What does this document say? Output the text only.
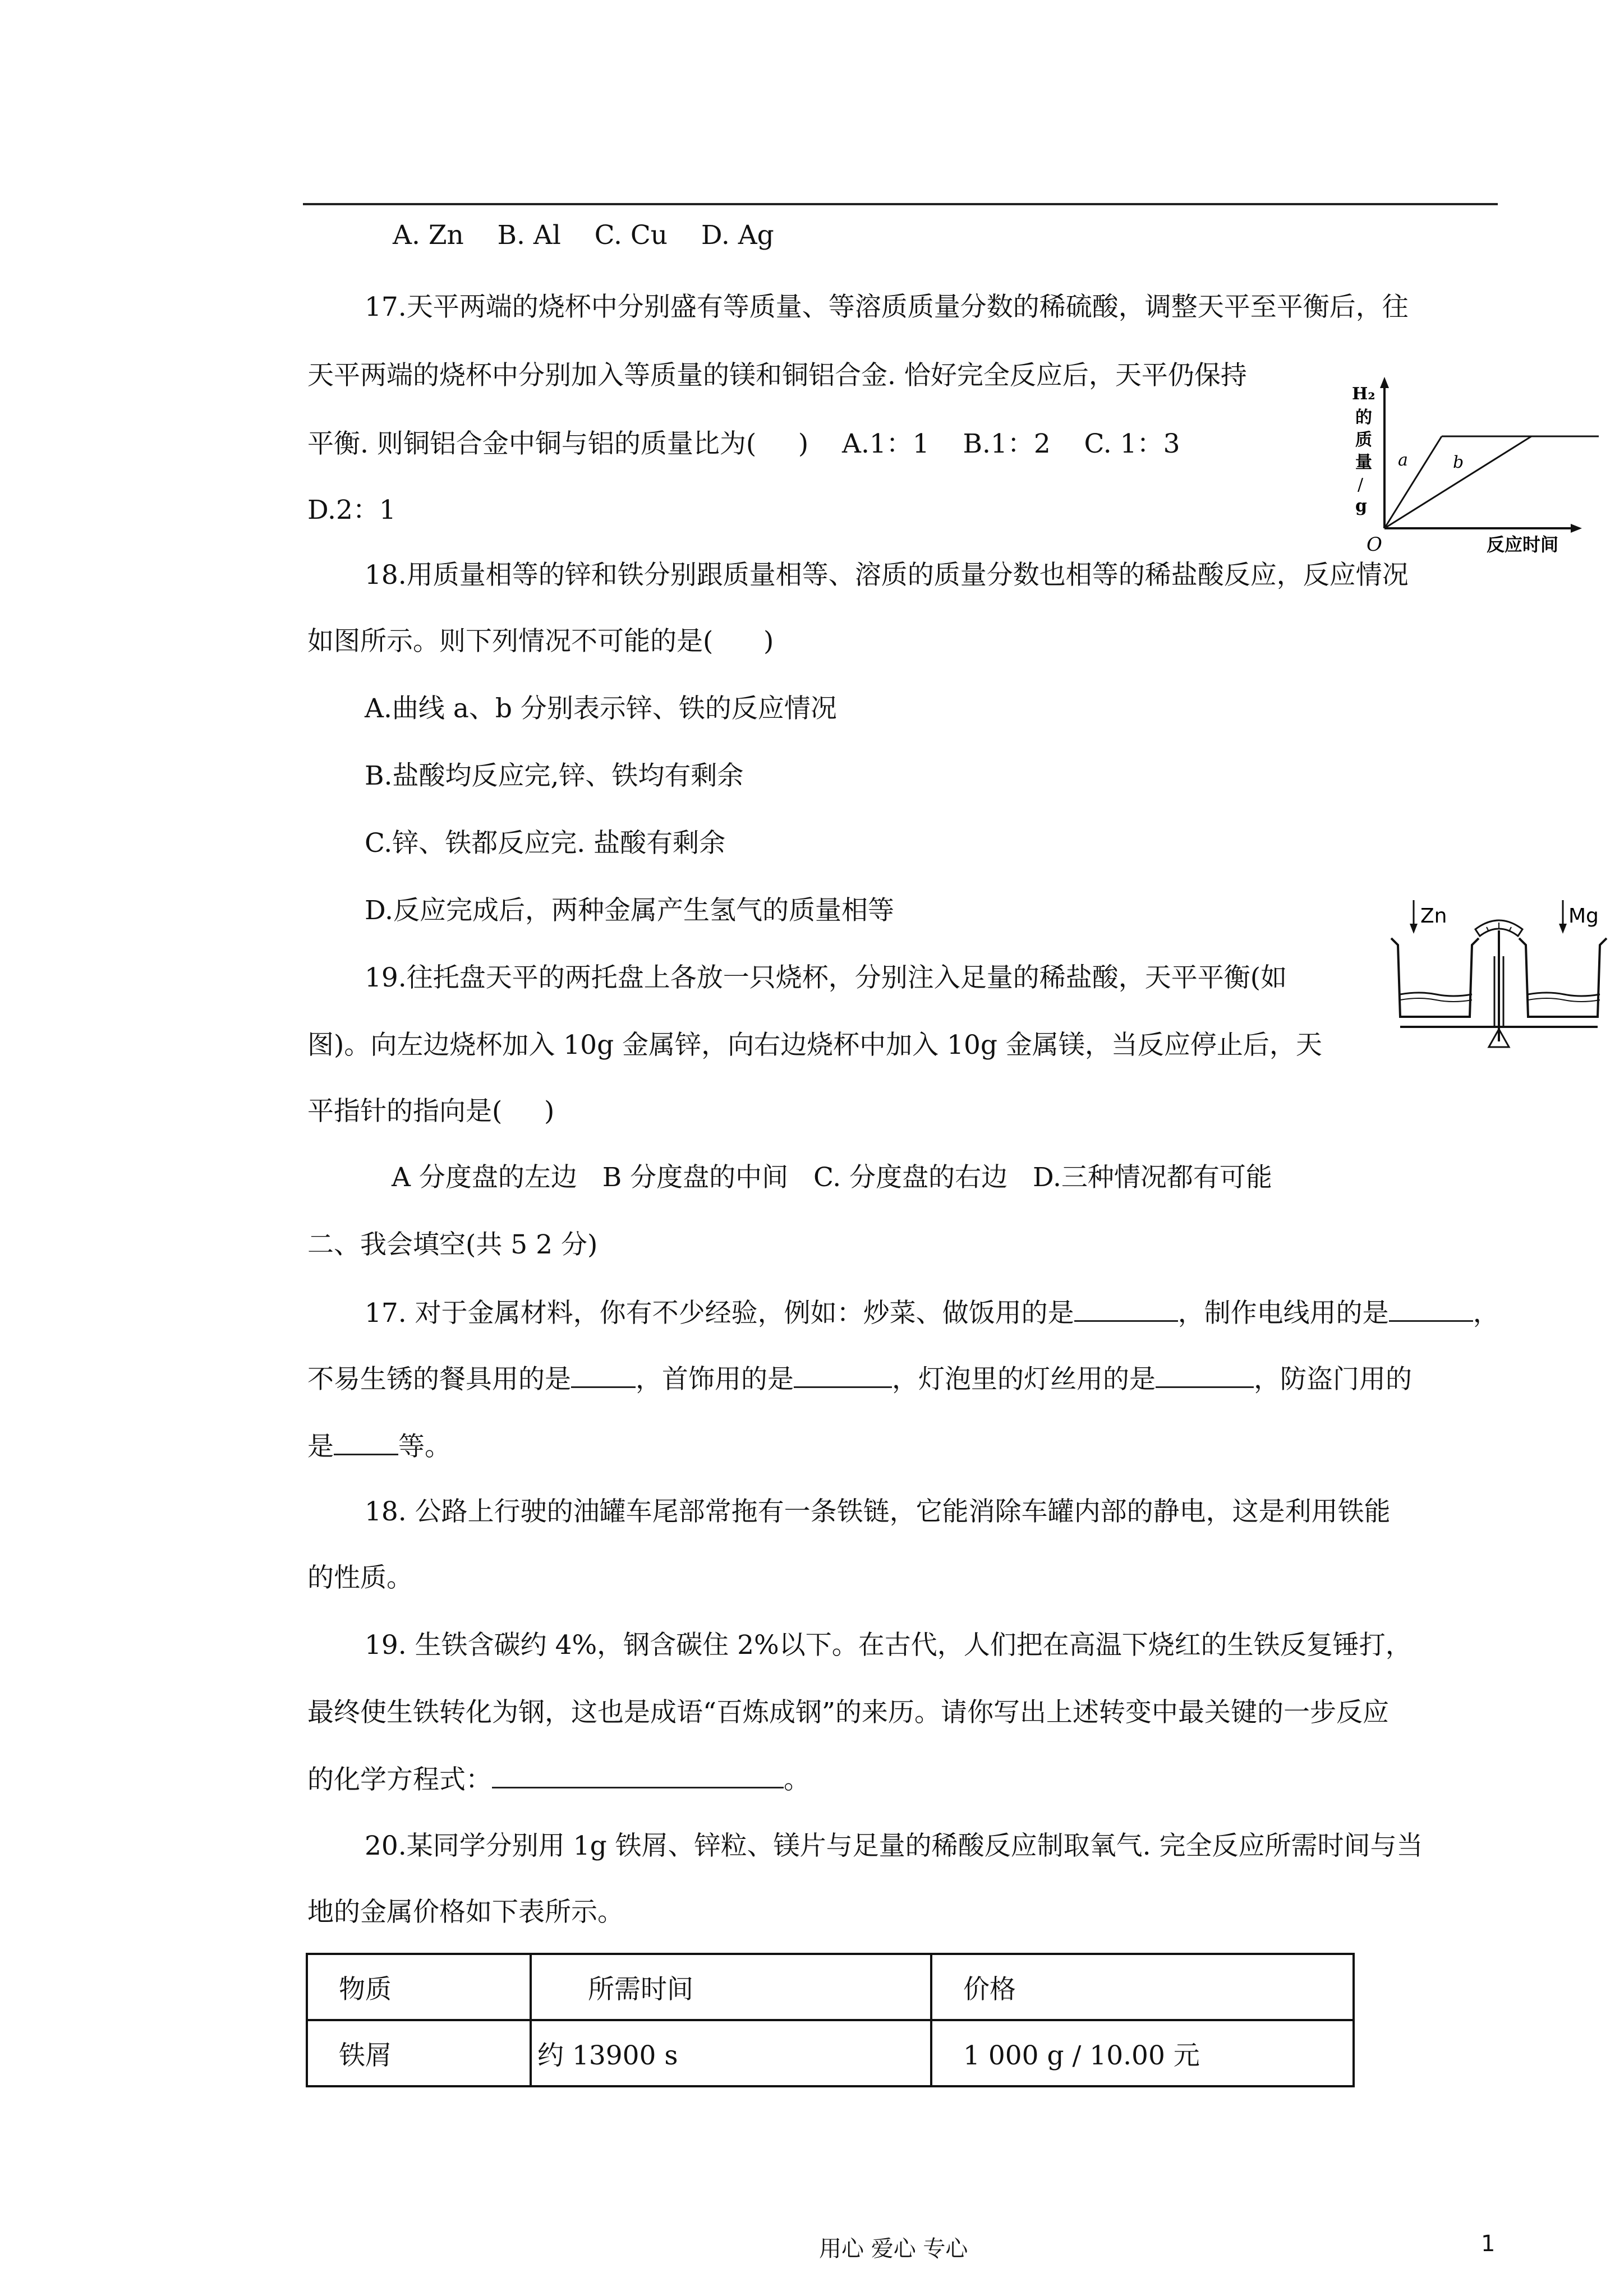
A. Zn    B. Al    C. Cu    D. Ag
17.天平两端的烧杯中分别盛有等质量、等溶质质量分数的稀硫酸，调整天平至平衡后，往
天平两端的烧杯中分别加入等质量的镁和铜铝合金. 恰好完全反应后，天平仍保持
平衡. 则铜铝合金中铜与铝的质量比为(     )    A.1：1    B.1：2    C. 1：3
D.2：1
H₂
的
质
量
/
g
O	反应时间
a	b
18.用质量相等的锌和铁分别跟质量相等、溶质的质量分数也相等的稀盐酸反应，反应情况
如图所示。则下列情况不可能的是(      )
A.曲线 a、b 分别表示锌、铁的反应情况
B.盐酸均反应完,锌、铁均有剩余
C.锌、铁都反应完. 盐酸有剩余
D.反应完成后，两种金属产生氢气的质量相等	Zn	Mg
19.往托盘天平的两托盘上各放一只烧杯，分别注入足量的稀盐酸，天平平衡(如
图)。向左边烧杯加入 10g 金属锌，向右边烧杯中加入 10g 金属镁，当反应停止后，天
平指针的指向是(     )
A 分度盘的左边   B 分度盘的中间   C. 分度盘的右边   D.三种情况都有可能
二、我会填空(共 5 2 分)
17. 对于金属材料，你有不少经验，例如：炒菜、做饭用的是	，制作电线用的是	，
不易生锈的餐具用的是 ，首饰用的是	，灯泡里的灯丝用的是	，防盗门用的
是 等。
18. 公路上行驶的油罐车尾部常拖有一条铁链，它能消除车罐内部的静电，这是利用铁能
的性质。
19. 生铁含碳约 4%，钢含碳住 2%以下。在古代，人们把在高温下烧红的生铁反复锤打，
最终使生铁转化为钢，这也是成语“百炼成钢”的来历。请你写出上述转变中最关键的一步反应
的化学方程式：	。
20.某同学分别用 1g 铁屑、锌粒、镁片与足量的稀酸反应制取氧气. 完全反应所需时间与当
地的金属价格如下表所示。
物质	所需时间	价格
铁屑	约 13900 s	1 000 g / 10.00 元
用心 爱心 专心	1
